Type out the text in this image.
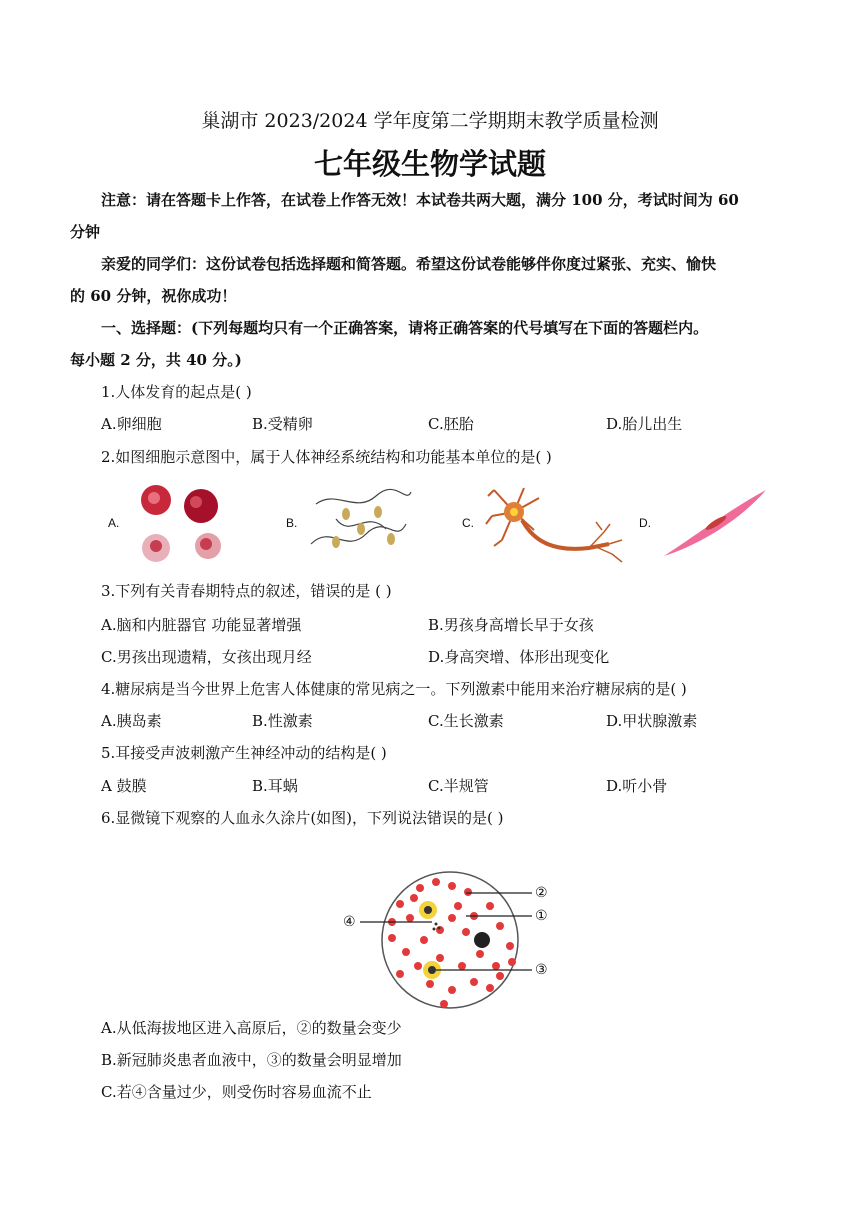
巢湖市 2023/2024 学年度第二学期期末教学质量检测
七年级生物学试题
注意：请在答题卡上作答，在试卷上作答无效！本试卷共两大题，满分 100 分，考试时间为 60
分钟
亲爱的同学们：这份试卷包括选择题和简答题。希望这份试卷能够伴你度过紧张、充实、愉快
的 60 分钟，祝你成功！
一、选择题：(下列每题均只有一个正确答案，请将正确答案的代号填写在下面的答题栏内。
每小题 2 分，共 40 分。)
1.人体发育的起点是( )
A.卵细胞	B.受精卵	C.胚胎	D.胎儿出生
2.如图细胞示意图中，属于人体神经系统结构和功能基本单位的是( )
A.	B.	C.	D.
3.下列有关青春期特点的叙述，错误的是 ( )
A.脑和内脏器官 功能显著增强	B.男孩身高增长早于女孩
C.男孩出现遗精，女孩出现月经	D.身高突增、体形出现变化
4.糖尿病是当今世界上危害人体健康的常见病之一。下列激素中能用来治疗糖尿病的是( )
A.胰岛素	B.性激素	C.生长激素	D.甲状腺激素
5.耳接受声波刺激产生神经冲动的结构是( )
A 鼓膜	B.耳蜗	C.半规管	D.听小骨
6.显微镜下观察的人血永久涂片(如图)，下列说法错误的是( )
②
①
④
③
A.从低海拔地区进入高原后，②的数量会变少
B.新冠肺炎患者血液中，③的数量会明显增加
C.若④含量过少，则受伤时容易血流不止
